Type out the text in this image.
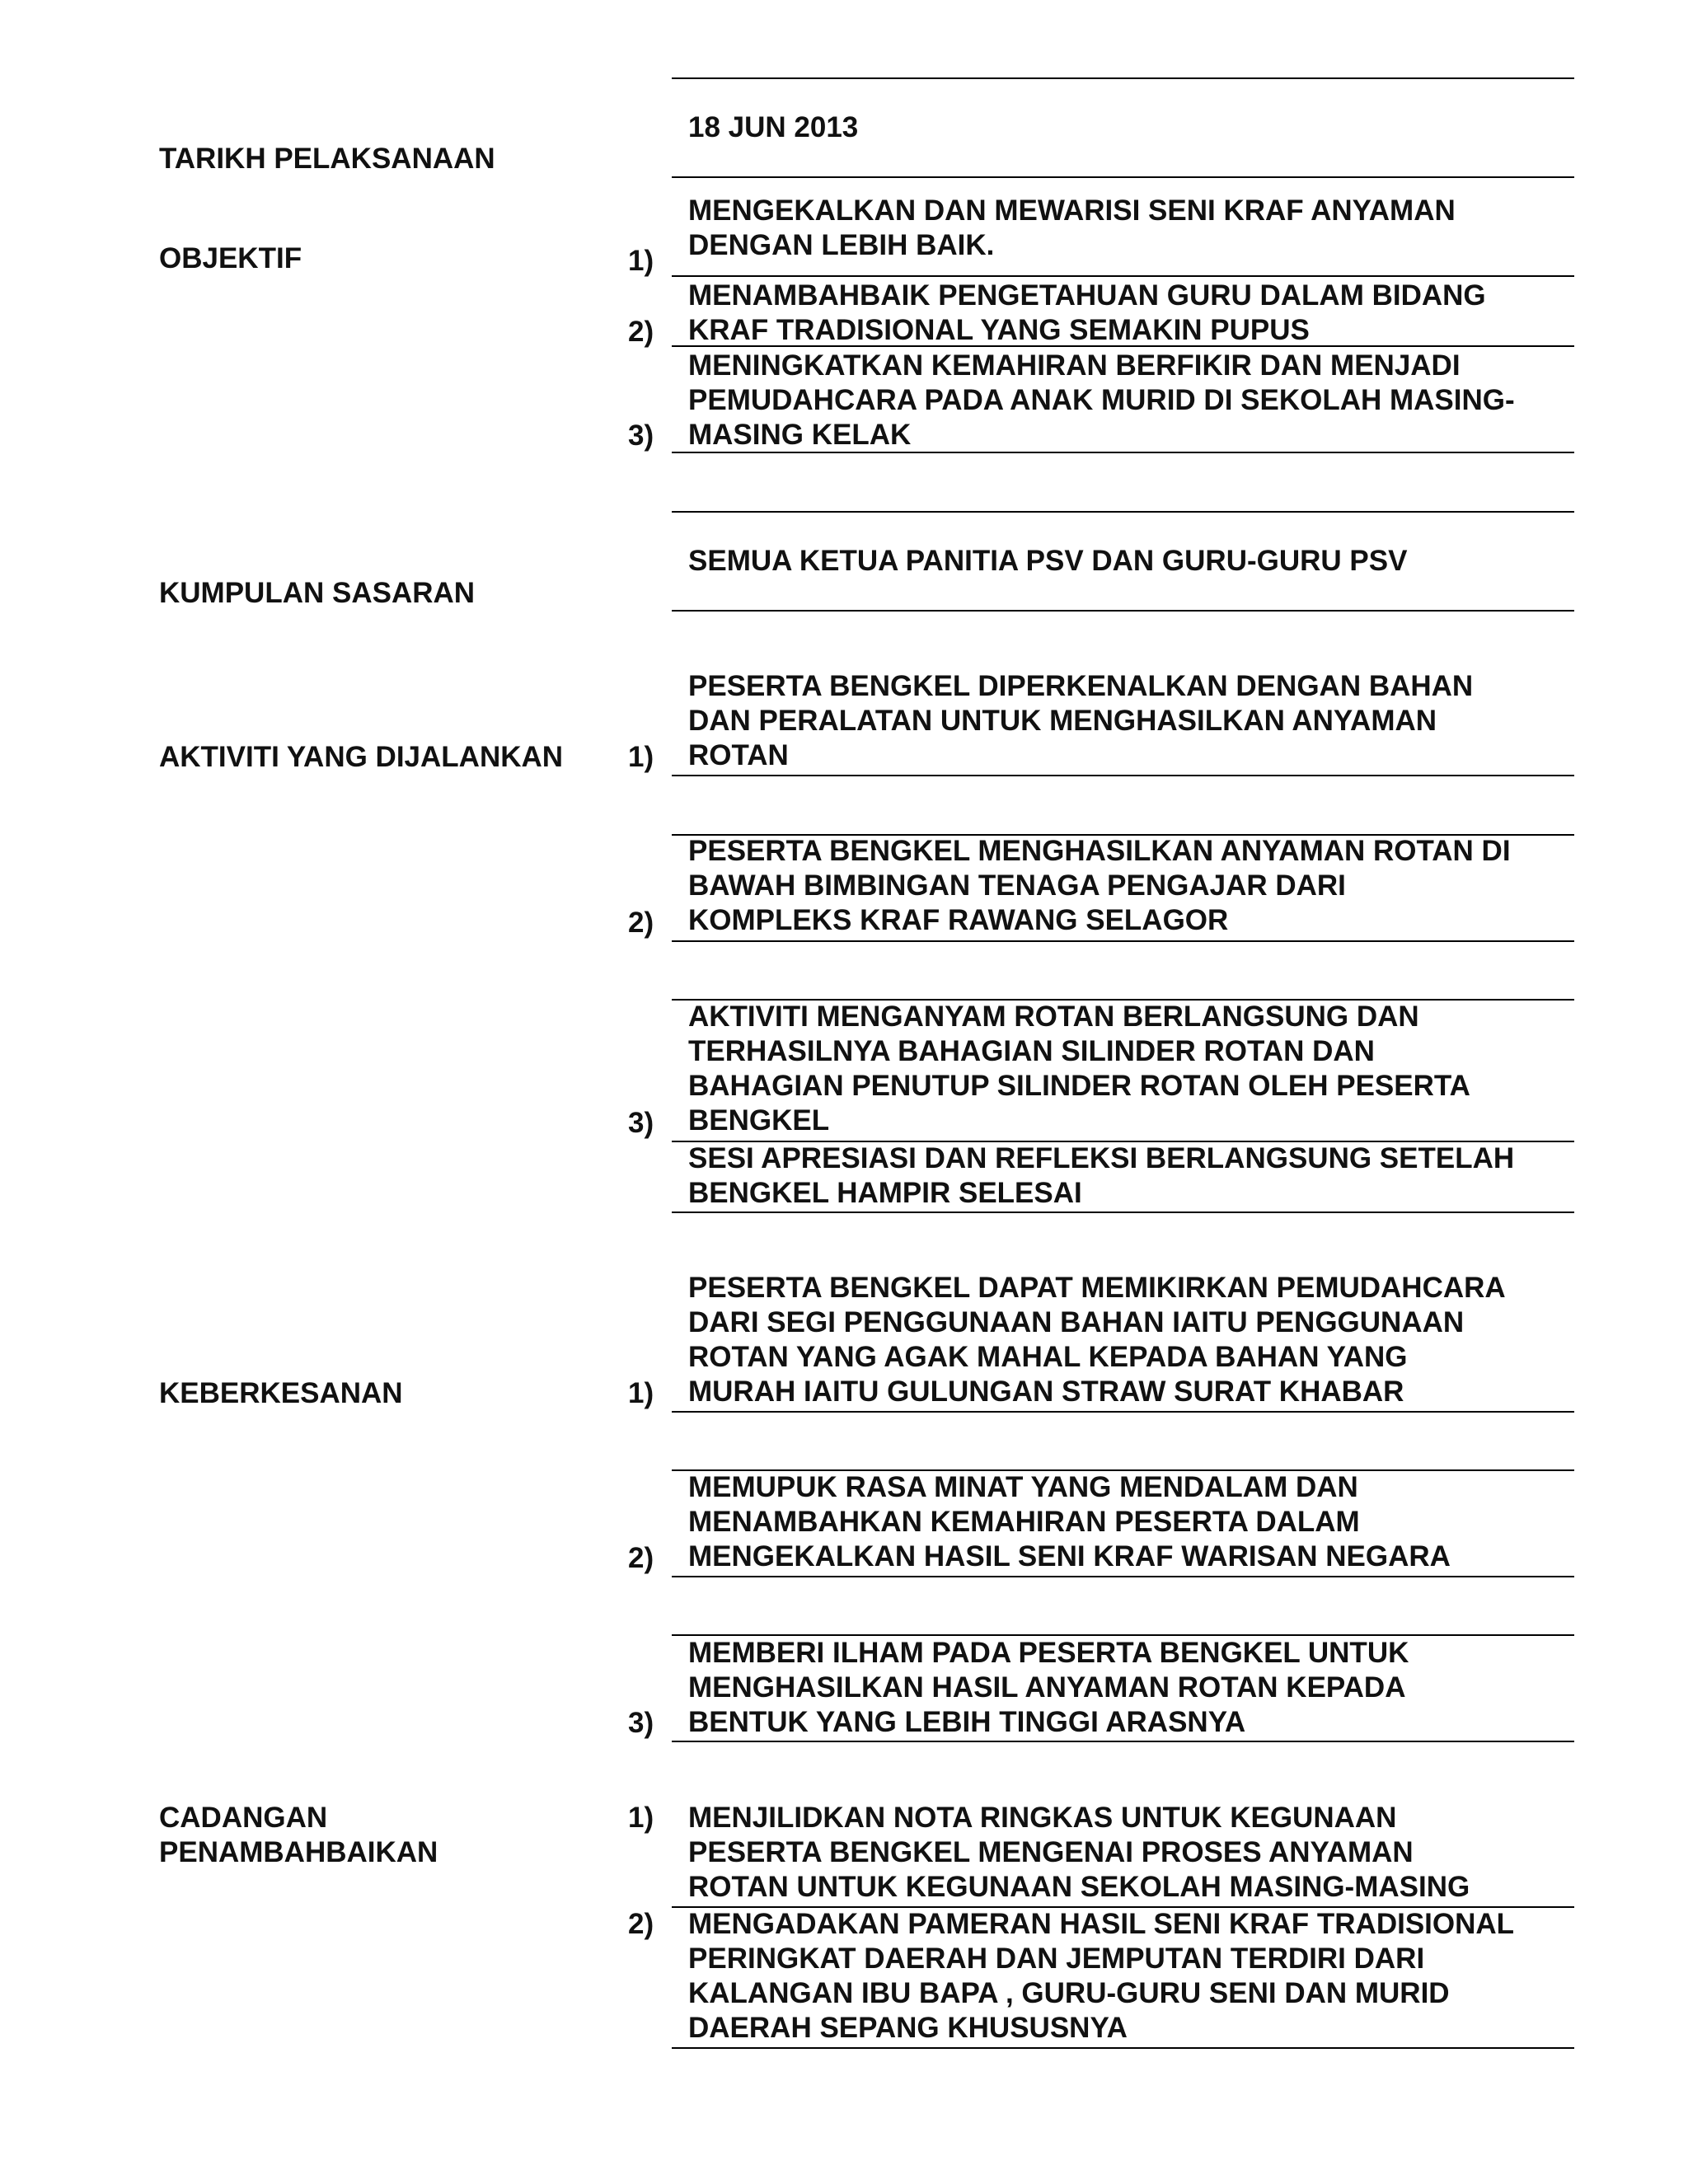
TARIKH PELAKSANAAN
18 JUN 2013
OBJEKTIF	1)
MENGEKALKAN DAN MEWARISI SENI KRAF ANYAMAN
DENGAN LEBIH BAIK.
2)
MENAMBAHBAIK PENGETAHUAN GURU DALAM BIDANG
KRAF TRADISIONAL YANG SEMAKIN PUPUS
3)
MENINGKATKAN KEMAHIRAN BERFIKIR DAN MENJADI
PEMUDAHCARA PADA ANAK MURID DI SEKOLAH MASING-
MASING KELAK
KUMPULAN SASARAN
SEMUA KETUA PANITIA PSV DAN GURU-GURU PSV
AKTIVITI YANG DIJALANKAN 1)
PESERTA BENGKEL DIPERKENALKAN DENGAN BAHAN
DAN PERALATAN UNTUK MENGHASILKAN ANYAMAN
ROTAN
2)
PESERTA BENGKEL MENGHASILKAN ANYAMAN ROTAN DI
BAWAH BIMBINGAN TENAGA PENGAJAR DARI
KOMPLEKS KRAF RAWANG SELAGOR
3)
AKTIVITI MENGANYAM ROTAN BERLANGSUNG DAN
TERHASILNYA BAHAGIAN SILINDER ROTAN DAN
BAHAGIAN PENUTUP SILINDER ROTAN OLEH PESERTA
BENGKEL
SESI APRESIASI DAN REFLEKSI BERLANGSUNG SETELAH
BENGKEL HAMPIR SELESAI
KEBERKESANAN	1)
PESERTA BENGKEL DAPAT MEMIKIRKAN PEMUDAHCARA
DARI SEGI PENGGUNAAN BAHAN IAITU PENGGUNAAN
ROTAN YANG AGAK MAHAL KEPADA BAHAN YANG
MURAH IAITU GULUNGAN STRAW SURAT KHABAR
2)
MEMUPUK RASA MINAT YANG MENDALAM DAN
MENAMBAHKAN KEMAHIRAN PESERTA DALAM
MENGEKALKAN HASIL SENI KRAF WARISAN NEGARA
3)
MEMBERI ILHAM PADA PESERTA BENGKEL UNTUK
MENGHASILKAN HASIL ANYAMAN ROTAN KEPADA
BENTUK YANG LEBIH TINGGI ARASNYA
CADANGAN
PENAMBAHBAIKAN
1) MENJILIDKAN NOTA RINGKAS UNTUK KEGUNAAN
PESERTA BENGKEL MENGENAI PROSES ANYAMAN
ROTAN UNTUK KEGUNAAN SEKOLAH MASING-MASING
2) MENGADAKAN PAMERAN HASIL SENI KRAF TRADISIONAL
PERINGKAT DAERAH DAN JEMPUTAN TERDIRI DARI
KALANGAN IBU BAPA , GURU-GURU SENI DAN MURID
DAERAH SEPANG KHUSUSNYA
